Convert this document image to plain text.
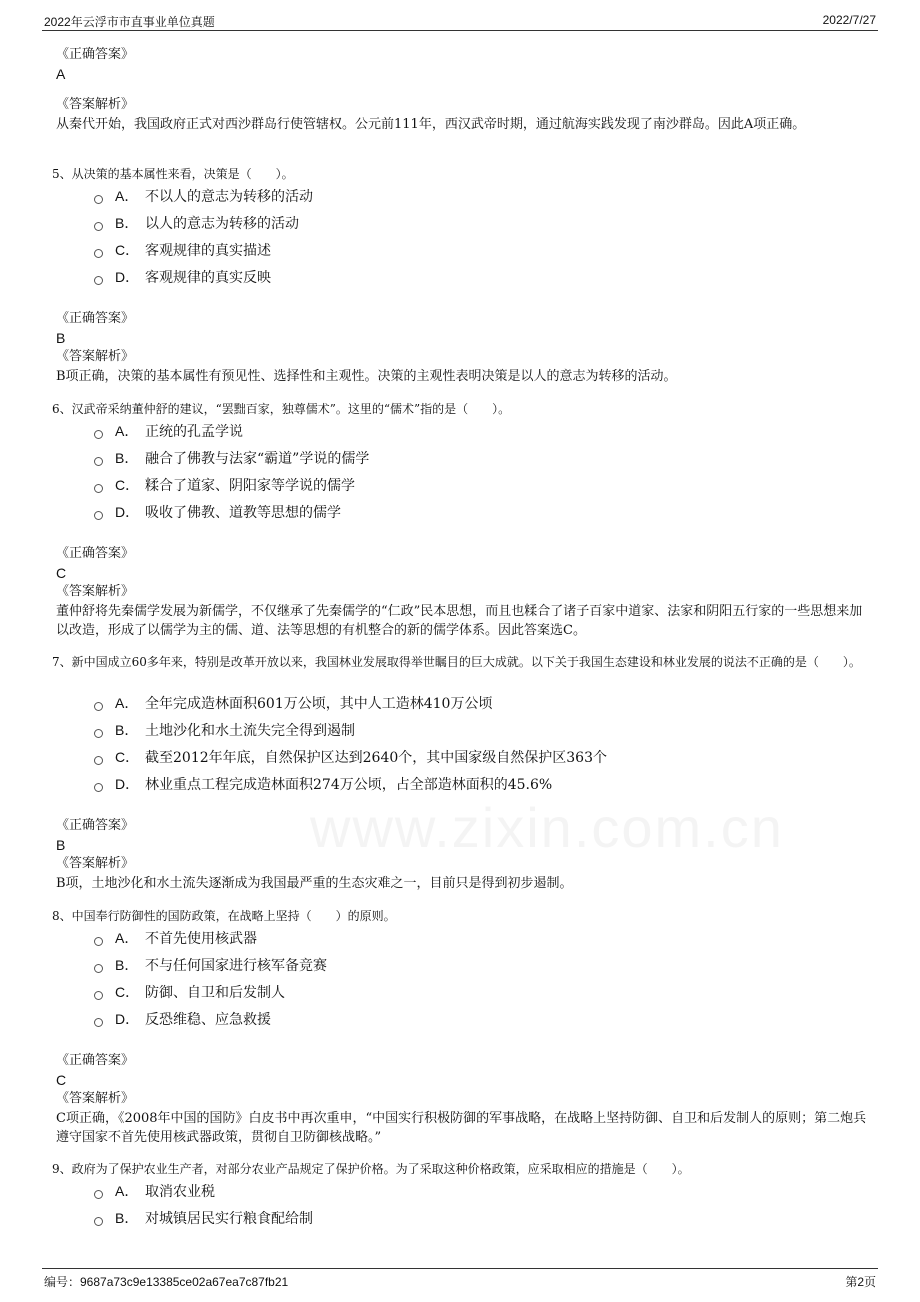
2022年云浮市市直事业单位真题	2022/7/27
www.zixin.com.cn
《正确答案》
A
《答案解析》
从秦代开始，我国政府正式对西沙群岛行使管辖权。公元前111年，西汉武帝时期，通过航海实践发现了南沙群岛。因此A项正确。
5、从决策的基本属性来看，决策是（　　）。
A． 不以人的意志为转移的活动
B． 以人的意志为转移的活动
C． 客观规律的真实描述
D． 客观规律的真实反映
《正确答案》
B
《答案解析》
B项正确，决策的基本属性有预见性、选择性和主观性。决策的主观性表明决策是以人的意志为转移的活动。
6、汉武帝采纳董仲舒的建议，“罢黜百家，独尊儒术”。这里的“儒术”指的是（　　）。
A． 正统的孔孟学说
B． 融合了佛教与法家“霸道”学说的儒学
C． 糅合了道家、阴阳家等学说的儒学
D． 吸收了佛教、道教等思想的儒学
《正确答案》
C
《答案解析》
董仲舒将先秦儒学发展为新儒学，不仅继承了先秦儒学的“仁政”民本思想，而且也糅合了诸子百家中道家、法家和阴阳五行家的一些思想来加以改造，形成了以儒学为主的儒、道、法等思想的有机整合的新的儒学体系。因此答案选C。
7、新中国成立60多年来，特别是改革开放以来，我国林业发展取得举世瞩目的巨大成就。以下关于我国生态建设和林业发展的说法不正确的是（　　）。
A． 全年完成造林面积601万公顷，其中人工造林410万公顷
B． 土地沙化和水土流失完全得到遏制
C． 截至2012年年底，自然保护区达到2640个，其中国家级自然保护区363个
D． 林业重点工程完成造林面积274万公顷，占全部造林面积的45.6%
《正确答案》
B
《答案解析》
B项，土地沙化和水土流失逐渐成为我国最严重的生态灾难之一，目前只是得到初步遏制。
8、中国奉行防御性的国防政策，在战略上坚持（　　）的原则。
A． 不首先使用核武器
B． 不与任何国家进行核军备竞赛
C． 防御、自卫和后发制人
D． 反恐维稳、应急救援
《正确答案》
C
《答案解析》
C项正确，《2008年中国的国防》白皮书中再次重申，“中国实行积极防御的军事战略，在战略上坚持防御、自卫和后发制人的原则；第二炮兵遵守国家不首先使用核武器政策，贯彻自卫防御核战略。”
9、政府为了保护农业生产者，对部分农业产品规定了保护价格。为了采取这种价格政策，应采取相应的措施是（　　）。
A． 取消农业税
B． 对城镇居民实行粮食配给制
编号：9687a73c9e13385ce02a67ea7c87fb21	第2页
